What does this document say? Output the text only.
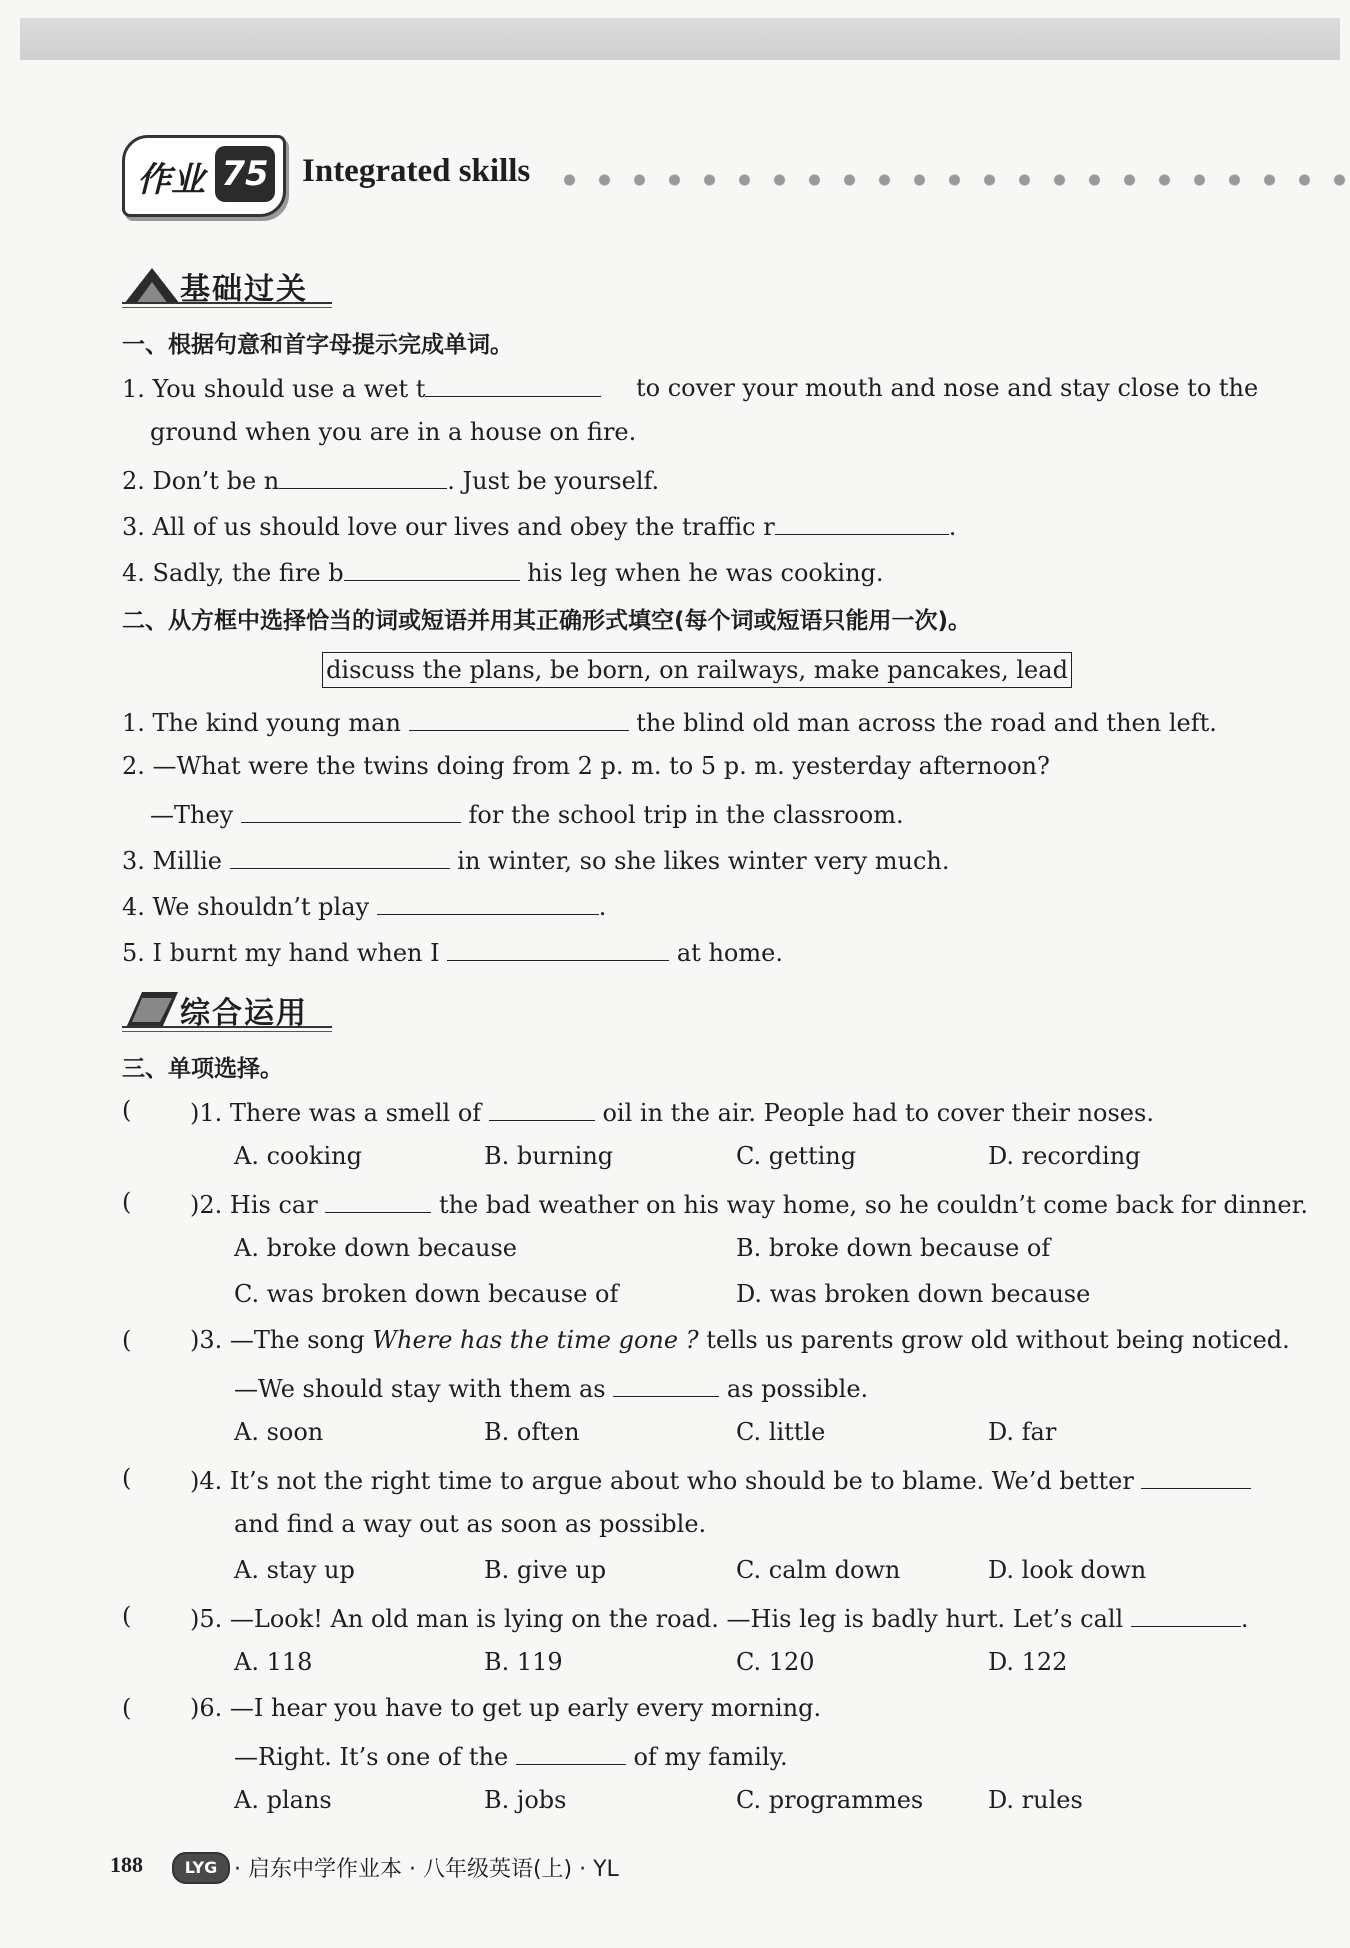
作业 75 Integrated skills
基础过关
一、根据句意和首字母提示完成单词。
1. You should use a wet t	to cover your mouth and nose and stay close to the
ground when you are in a house on fire.
2. Don’t be n	. Just be yourself.
3. All of us should love our lives and obey the traffic r	.
4. Sadly, the fire b	his leg when he was cooking.
二、从方框中选择恰当的词或短语并用其正确形式填空(每个词或短语只能用一次)。
discuss the plans, be born, on railways, make pancakes, lead
1. The kind young man	the blind old man across the road and then left.
2. —What were the twins doing from 2 p. m. to 5 p. m. yesterday afternoon?
—They	for the school trip in the classroom.
3. Millie	in winter, so she likes winter very much.
4. We shouldn’t play	.
5. I burnt my hand when I	at home.
综合运用
三、单项选择。
( )1. There was a smell of	oil in the air. People had to cover their noses.
A. cooking	B. burning	C. getting	D. recording
( )2. His car	the bad weather on his way home, so he couldn’t come back for dinner.
A. broke down because	B. broke down because of
C. was broken down because of	D. was broken down because
( )3. —The song Where has the time gone ? tells us parents grow old without being noticed.
—We should stay with them as	as possible.
A. soon	B. often	C. little	D. far
( )4. It’s not the right time to argue about who should be to blame. We’d better
and find a way out as soon as possible.
A. stay up	B. give up	C. calm down	D. look down
( )5. —Look! An old man is lying on the road. —His leg is badly hurt. Let’s call	.
A. 118	B. 119	C. 120	D. 122
( )6. —I hear you have to get up early every morning.
—Right. It’s one of the	of my family.
A. plans	B. jobs	C. programmes	D. rules
188	LYG · 启东中学作业本 · 八年级英语(上) · YL
